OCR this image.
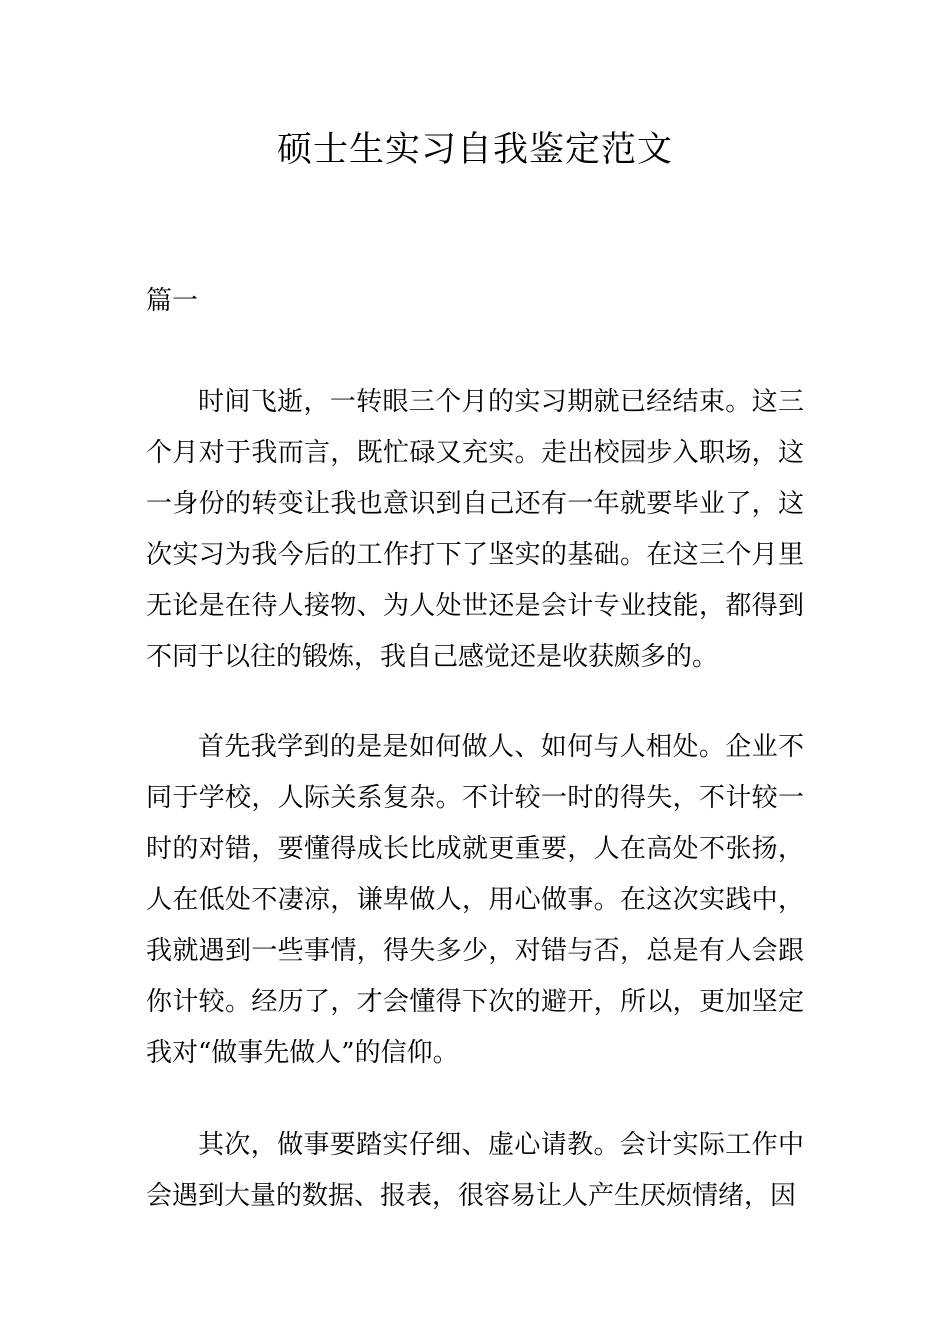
硕士生实习自我鉴定范文

篇一

时间飞逝，一转眼三个月的实习期就已经结束。这三个月对于我而言，既忙碌又充实。走出校园步入职场，这一身份的转变让我也意识到自己还有一年就要毕业了，这次实习为我今后的工作打下了坚实的基础。在这三个月里无论是在待人接物、为人处世还是会计专业技能，都得到不同于以往的锻炼，我自己感觉还是收获颇多的。

首先我学到的是是如何做人、如何与人相处。企业不同于学校，人际关系复杂。不计较一时的得失，不计较一时的对错，要懂得成长比成就更重要，人在高处不张扬，人在低处不凄凉，谦卑做人，用心做事。在这次实践中，我就遇到一些事情，得失多少，对错与否，总是有人会跟你计较。经历了，才会懂得下次的避开，所以，更加坚定我对“做事先做人”的信仰。

其次，做事要踏实仔细、虚心请教。会计实际工作中会遇到大量的数据、报表，很容易让人产生厌烦情绪，因
